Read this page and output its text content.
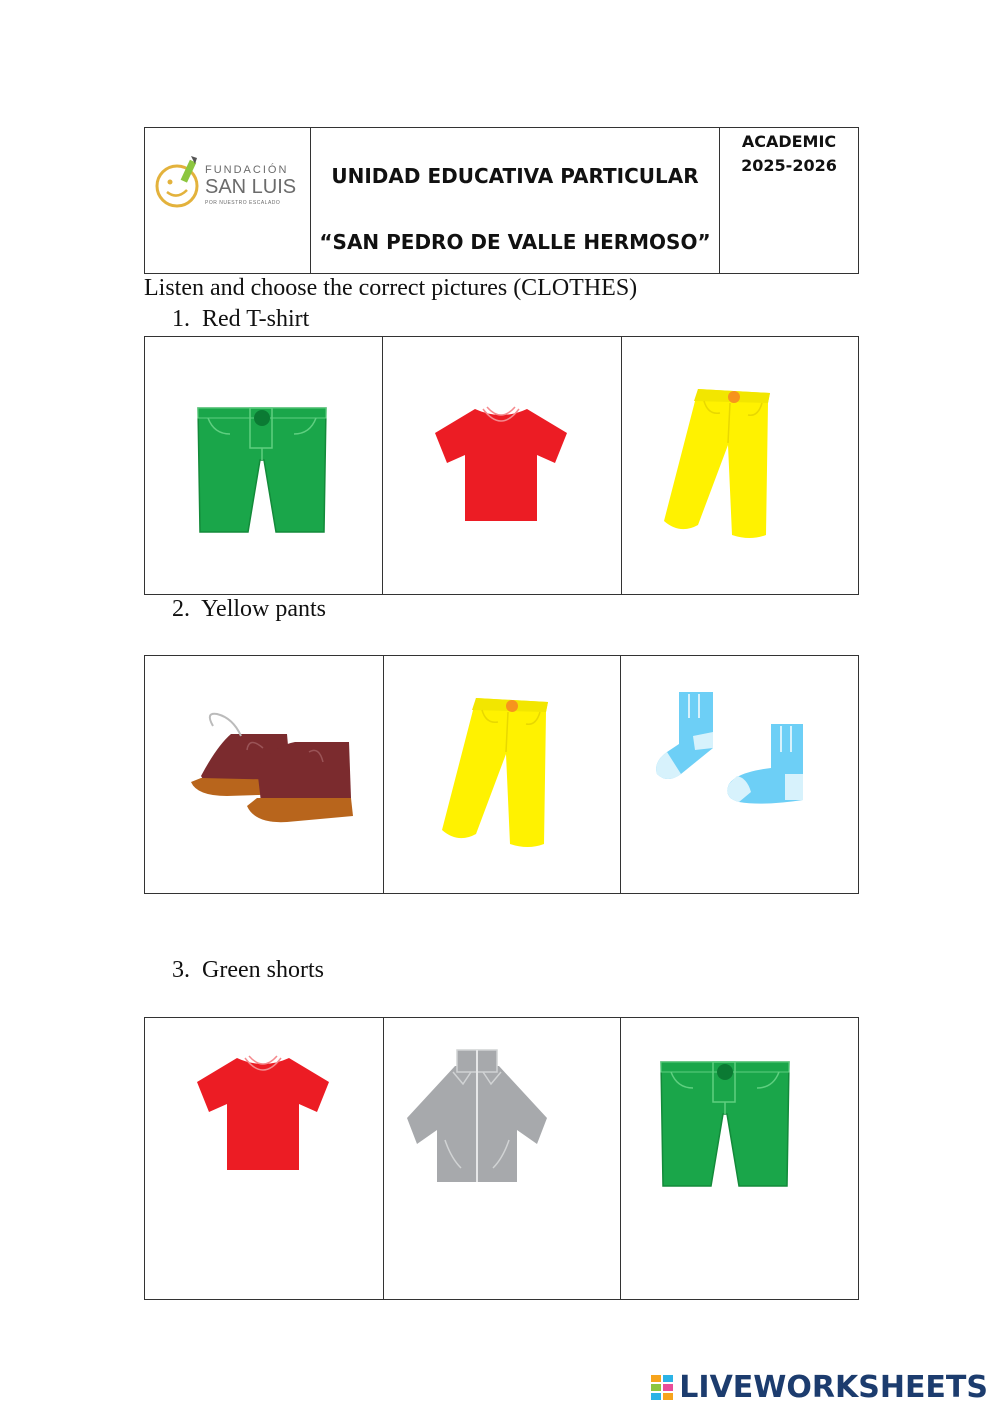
FUNDACIÓN
SAN LUIS
POR NUESTRO ESCALADO
UNIDAD EDUCATIVA PARTICULAR
“SAN PEDRO DE VALLE HERMOSO”
ACADEMIC
2025-2026
Listen and choose the correct pictures (CLOTHES)
1. Red T-shirt
2. Yellow pants
3. Green shorts
LIVEWORKSHEETS
